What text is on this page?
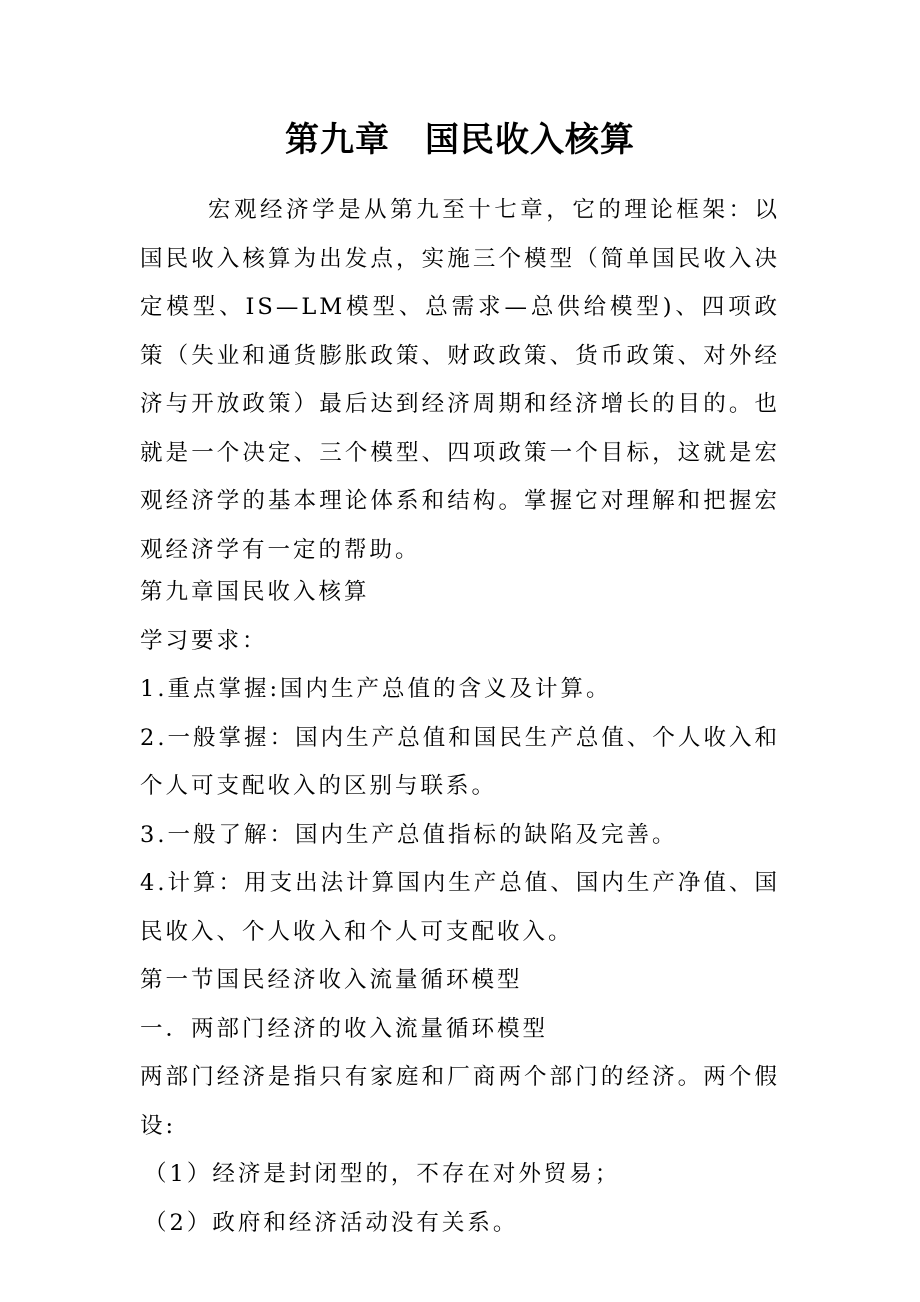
第九章　国民收入核算

宏观经济学是从第九至十七章，它的理论框架：以国民收入核算为出发点，实施三个模型（简单国民收入决定模型、IS—LM模型、总需求—总供给模型)、四项政策（失业和通货膨胀政策、财政政策、货币政策、对外经济与开放政策）最后达到经济周期和经济增长的目的。也就是一个决定、三个模型、四项政策一个目标，这就是宏观经济学的基本理论体系和结构。掌握它对理解和把握宏观经济学有一定的帮助。

第九章国民收入核算
学习要求：
1.重点掌握:国内生产总值的含义及计算。
2.一般掌握：国内生产总值和国民生产总值、个人收入和个人可支配收入的区别与联系。
3.一般了解：国内生产总值指标的缺陷及完善。
4.计算：用支出法计算国内生产总值、国内生产净值、国民收入、个人收入和个人可支配收入。
第一节国民经济收入流量循环模型
一．两部门经济的收入流量循环模型
两部门经济是指只有家庭和厂商两个部门的经济。两个假设:
（1）经济是封闭型的，不存在对外贸易；
（2）政府和经济活动没有关系。
